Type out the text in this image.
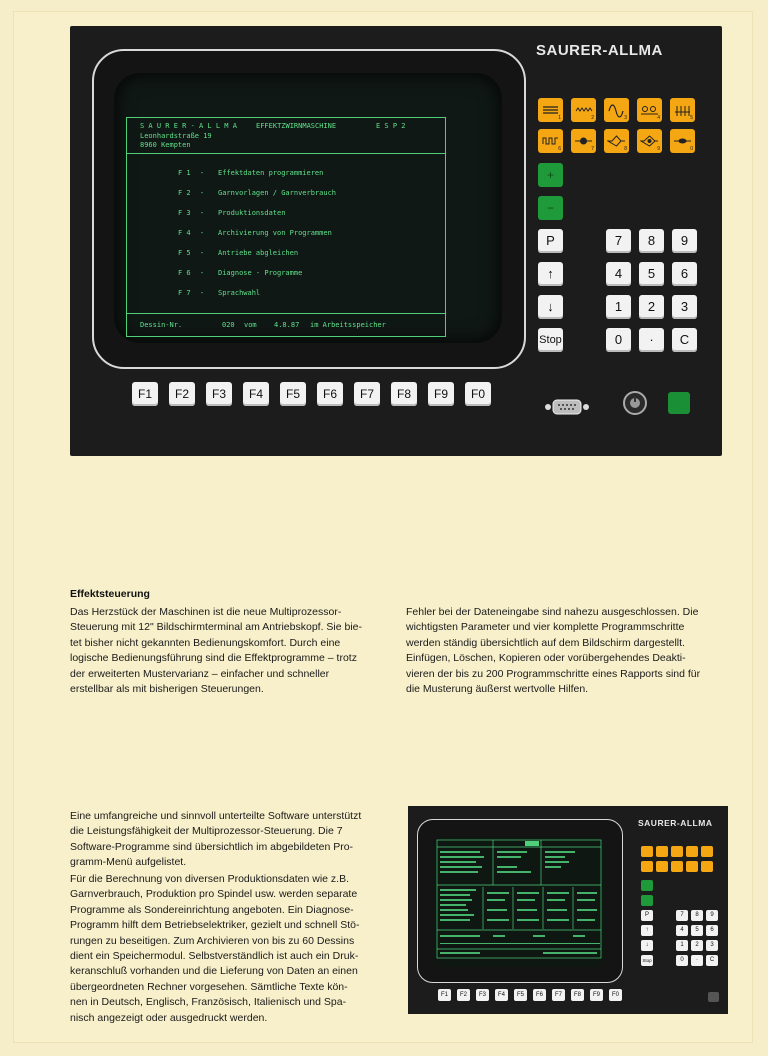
SAURER-ALLMA
S A U R E R - A L L M A	EFFEKTZWIRNMASCHINE	E S P 2
Leonhardstraße 19
8960 Kempten
F 1 - Effektdaten programmieren
F 2 - Garnvorlagen / Garnverbrauch
F 3 - Produktionsdaten
F 4 - Archivierung von Programmen
F 5 - Antriebe abgleichen
F 6 - Diagnose - Programme
F 7 - Sprachwahl
Dessin-Nr.	020 vom 4.8.87 im Arbeitsspeicher
F1	F2	F3	F4	F5	F6	F7	F8	F9	F0
1	2	3	4	5
6	7	8	9	0
+
−
P
↑
↓
Stop
7	8	9
4	5	6
1	2	3
0	·	C
Effektsteuerung
Das Herzstück der Maschinen ist die neue Multiprozessor-
Steuerung mit 12" Bildschirmterminal am Antriebskopf. Sie bie-
tet bisher nicht gekannten Bedienungskomfort. Durch eine
logische Bedienungsführung sind die Effektprogramme – trotz
der erweiterten Mustervarianz – einfacher und schneller
erstellbar als mit bisherigen Steuerungen.
Fehler bei der Dateneingabe sind nahezu ausgeschlossen. Die
wichtigsten Parameter und vier komplette Programmschritte
werden ständig übersichtlich auf dem Bildschirm dargestellt.
Einfügen, Löschen, Kopieren oder vorübergehendes Deakti-
vieren der bis zu 200 Programmschritte eines Rapports sind für
die Musterung äußerst wertvolle Hilfen.
Eine umfangreiche und sinnvoll unterteilte Software unterstützt
die Leistungsfähigkeit der Multiprozessor-Steuerung. Die 7
Software-Programme sind übersichtlich im abgebildeten Pro-
gramm-Menü aufgelistet.
Für die Berechnung von diversen Produktionsdaten wie z.B.
Garnverbrauch, Produktion pro Spindel usw. werden separate
Programme als Sondereinrichtung angeboten. Ein Diagnose-
Programm hilft dem Betriebselektriker, gezielt und schnell Stö-
rungen zu beseitigen. Zum Archivieren von bis zu 60 Dessins
dient ein Speichermodul. Selbstverständlich ist auch ein Druk-
keranschluß vorhanden und die Lieferung von Daten an einen
übergeordneten Rechner vorgesehen. Sämtliche Texte kön-
nen in Deutsch, Englisch, Französisch, Italienisch und Spa-
nisch angezeigt oder ausgedruckt werden.
SAURER-ALLMA
F1	F2	F3	F4	F5	F6	F7	F8	F9	F0
P
↑
↓
Stop
7	8	9
4	5	6
1	2	3
0	·	C
